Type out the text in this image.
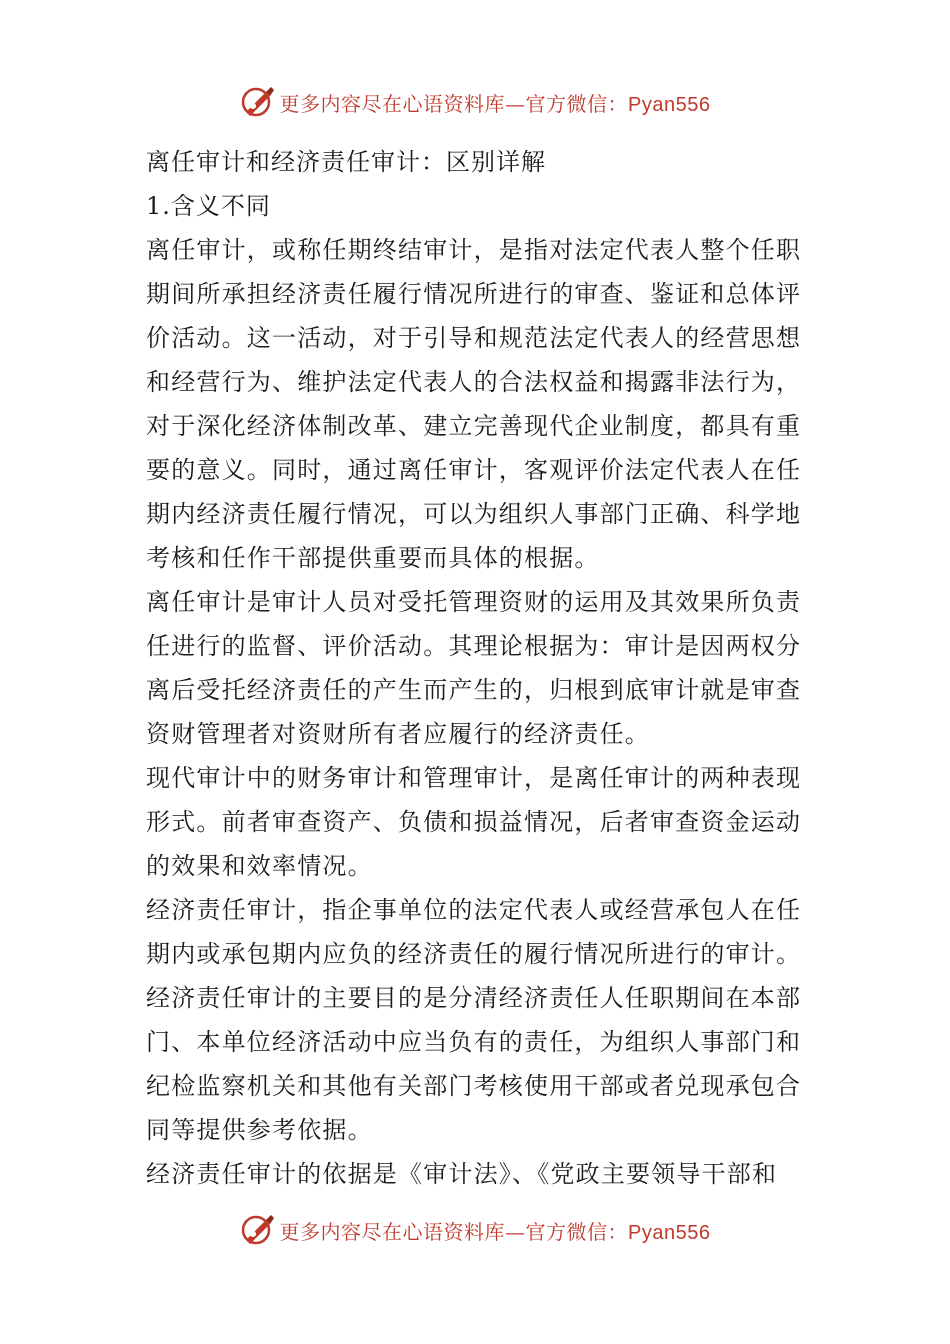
更多内容尽在心语资料库—官方微信：Pyan556
离任审计和经济责任审计：区别详解
1.含义不同
离任审计，或称任期终结审计，是指对法定代表人整个任职
期间所承担经济责任履行情况所进行的审查、鉴证和总体评
价活动。这一活动，对于引导和规范法定代表人的经营思想
和经营行为、维护法定代表人的合法权益和揭露非法行为，
对于深化经济体制改革、建立完善现代企业制度，都具有重
要的意义。同时，通过离任审计，客观评价法定代表人在任
期内经济责任履行情况，可以为组织人事部门正确、科学地
考核和任作干部提供重要而具体的根据。
离任审计是审计人员对受托管理资财的运用及其效果所负责
任进行的监督、评价活动。其理论根据为：审计是因两权分
离后受托经济责任的产生而产生的，归根到底审计就是审查
资财管理者对资财所有者应履行的经济责任。
现代审计中的财务审计和管理审计，是离任审计的两种表现
形式。前者审查资产、负债和损益情况，后者审查资金运动
的效果和效率情况。
经济责任审计，指企事单位的法定代表人或经营承包人在任
期内或承包期内应负的经济责任的履行情况所进行的审计。
经济责任审计的主要目的是分清经济责任人任职期间在本部
门、本单位经济活动中应当负有的责任，为组织人事部门和
纪检监察机关和其他有关部门考核使用干部或者兑现承包合
同等提供参考依据。
经济责任审计的依据是《审计法》、《党政主要领导干部和
更多内容尽在心语资料库—官方微信：Pyan556
